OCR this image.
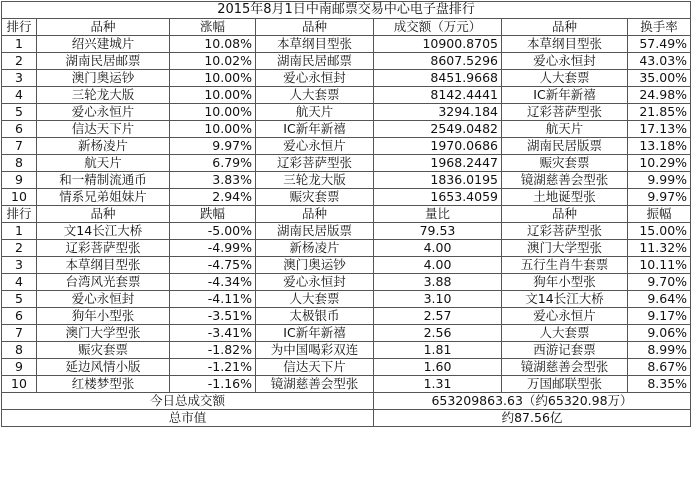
2015年8月1日中南邮票交易中心电子盘排行						
排行	品种	涨幅	品种	成交额（万元）	品种	换手率
1	绍兴建城片	10.08%	本草纲目型张	10900.8705	本草纲目型张	57.49%
2	湖南民居邮票	10.02%	湖南民居邮票	8607.5296	爱心永恒封	43.03%
3	澳门奥运钞	10.00%	爱心永恒封	8451.9668	人大套票	35.00%
4	三轮龙大版	10.00%	人大套票	8142.4441	IC新年新禧	24.98%
5	爱心永恒片	10.00%	航天片	3294.184	辽彩菩萨型张	21.85%
6	信达天下片	10.00%	IC新年新禧	2549.0482	航天片	17.13%
7	新杨凌片	9.97%	爱心永恒片	1970.0686	湖南民居版票	13.18%
8	航天片	6.79%	辽彩菩萨型张	1968.2447	赈灾套票	10.29%
9	和一精制流通币	3.83%	三轮龙大版	1836.0195	镜湖慈善会型张	9.99%
10	情系兄弟姐妹片	2.94%	赈灾套票	1653.4059	土地诞型张	9.97%
排行	品种	跌幅	品种	量比	品种	振幅
1	文14长江大桥	-5.00%	湖南民居版票	79.53	辽彩菩萨型张	15.00%
2	辽彩菩萨型张	-4.99%	新杨凌片	4.00	澳门大学型张	11.32%
3	本草纲目型张	-4.75%	澳门奥运钞	4.00	五行生肖牛套票	10.11%
4	台湾风光套票	-4.34%	爱心永恒封	3.88	狗年小型张	9.70%
5	爱心永恒封	-4.11%	人大套票	3.10	文14长江大桥	9.64%
6	狗年小型张	-3.51%	太极银币	2.57	爱心永恒片	9.17%
7	澳门大学型张	-3.41%	IC新年新禧	2.56	人大套票	9.06%
8	赈灾套票	-1.82%	为中国喝彩双连	1.81	西游记套票	8.99%
9	延边风情小版	-1.21%	信达天下片	1.60	镜湖慈善会型张	8.67%
10	红楼梦型张	-1.16%	镜湖慈善会型张	1.31	万国邮联型张	8.35%
今日总成交额				653209863.63（约65320.98万）		
总市值				约87.56亿		
